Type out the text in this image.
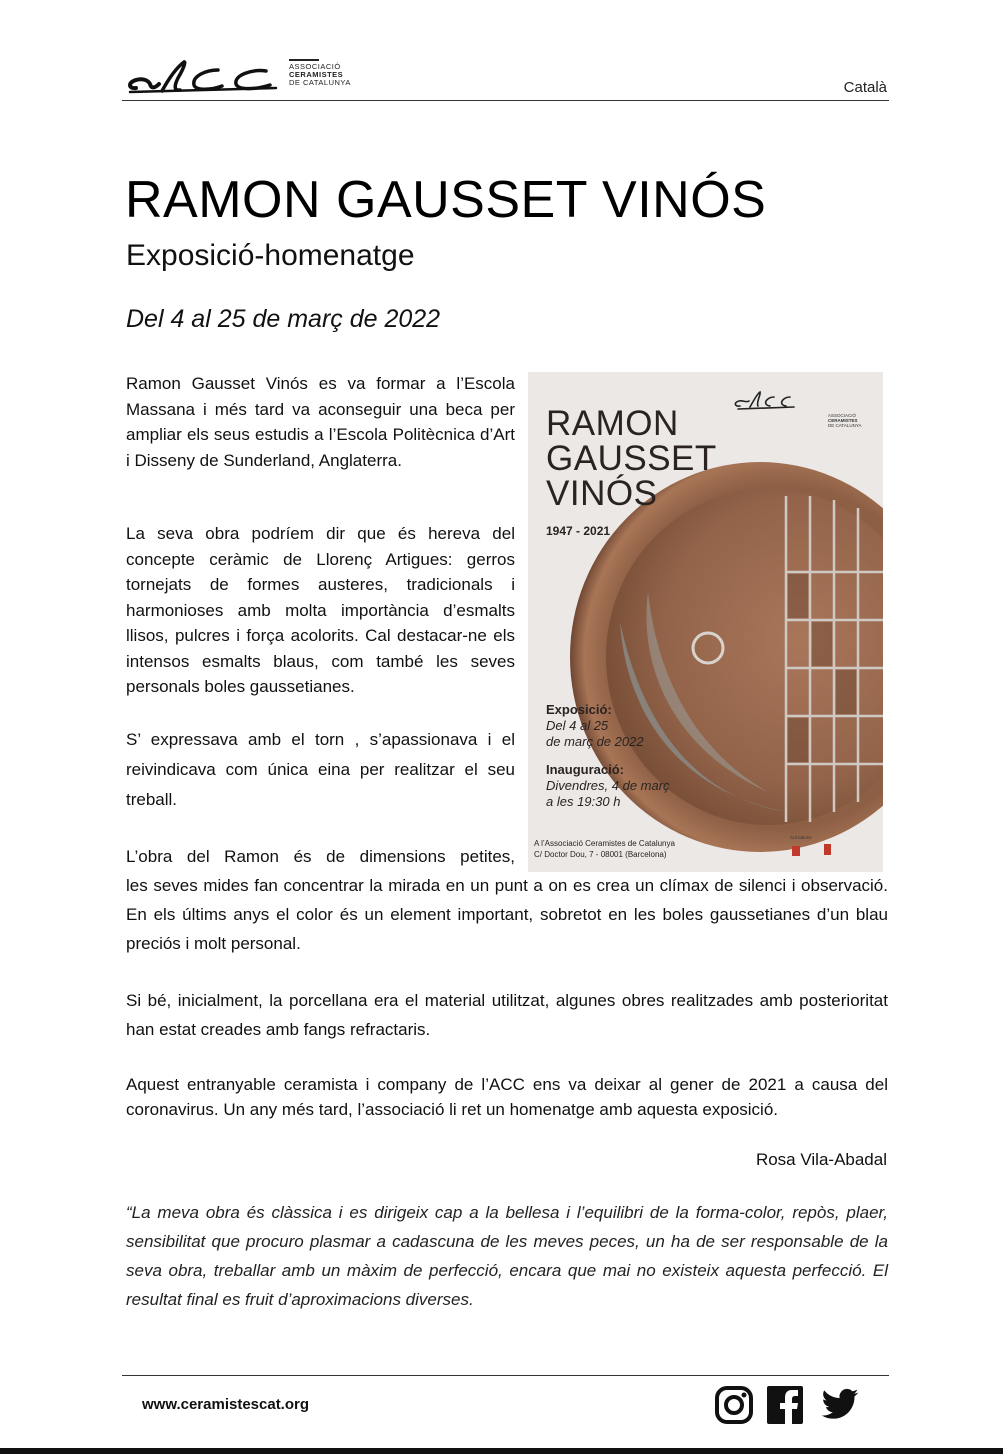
ASSOCIACIÓ
CERAMISTES
DE CATALUNYA	Català
RAMON GAUSSET VINÓS
Exposició-homenatge
Del 4 al 25 de març de 2022

Ramon Gausset Vinós es va formar a l’Escola Massana i més tard va aconseguir una beca per ampliar els seus estudis a l’Escola Politècnica d’Art i Disseny de Sunderland, Anglaterra.

La seva obra podríem dir que és hereva del concepte ceràmic de Llorenç Artigues: gerros tornejats de formes austeres, tradicionals i harmonioses amb molta importància d’esmalts llisos, pulcres i força acolorits. Cal destacar-ne els intensos esmalts blaus, com també les seves personals boles gaussetianes.

S’ expressava amb el torn , s’apassionava i el reivindicava com única eina per realitzar el seu treball.

L’obra del Ramon és de dimensions petites,

les seves mides fan concentrar la mirada en un punt a on es crea un clímax de silenci i observació. En els últims anys el color és un element important, sobretot en les boles gaussetianes d’un blau preciós i molt personal.

Si bé, inicialment, la porcellana era el material utilitzat, algunes obres realitzades amb posterioritat han estat creades amb fangs refractaris.

Aquest entranyable ceramista i company de l’ACC ens va deixar al gener de 2021 a causa del coronavirus. Un any més tard, l’associació li ret un homenatge amb aquesta exposició.

Rosa Vila-Abadal

“La meva obra és clàssica i es dirigeix cap a la bellesa i l’equilibri de la forma-color, repòs, plaer, sensibilitat que procuro plasmar a cadascuna de les meves peces, un ha de ser responsable de la seva obra, treballar amb un màxim de perfecció, encara que mai no existeix aquesta perfecció. El resultat final es fruit d’aproximacions diverses.

RAMON
GAUSSET
VINÓS
1947 - 2021
ASSOCIACIÓ
CERAMISTES
DE CATALUNYA
Exposició:
Del 4 al 25
de març de 2022
Inauguració:
Divendres, 4 de març
a les 19:30 h
A l’Associació Ceramistes de Catalunya
C/ Doctor Dou, 7 - 08001 (Barcelona)
Col·labora:
www.ceramistescat.org
